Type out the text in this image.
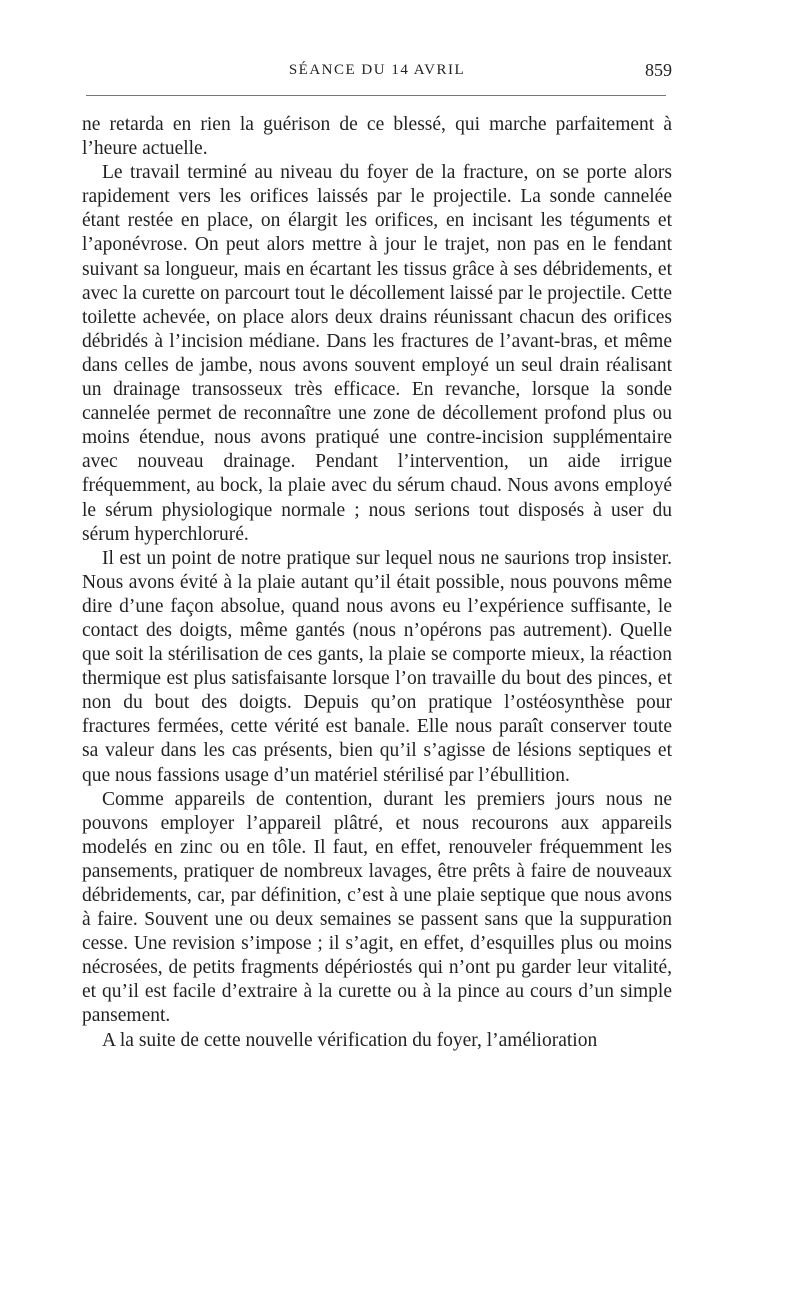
SÉANCE DU 14 AVRIL	859

ne retarda en rien la guérison de ce blessé, qui marche parfaitement à l’heure actuelle.

Le travail terminé au niveau du foyer de la fracture, on se porte alors rapidement vers les orifices laissés par le projectile. La sonde cannelée étant restée en place, on élargit les orifices, en incisant les téguments et l’aponévrose. On peut alors mettre à jour le trajet, non pas en le fendant suivant sa longueur, mais en écartant les tissus grâce à ses débridements, et avec la curette on parcourt tout le décollement laissé par le projectile. Cette toilette achevée, on place alors deux drains réunissant chacun des orifices débridés à l’incision médiane. Dans les fractures de l’avant-bras, et même dans celles de jambe, nous avons souvent employé un seul drain réalisant un drainage transosseux très efficace. En revanche, lorsque la sonde cannelée permet de reconnaître une zone de décollement profond plus ou moins étendue, nous avons pratiqué une contre-incision supplémentaire avec nouveau drainage. Pendant l’intervention, un aide irrigue fréquemment, au bock, la plaie avec du sérum chaud. Nous avons employé le sérum physiologique normale ; nous serions tout disposés à user du sérum hyperchloruré.

Il est un point de notre pratique sur lequel nous ne saurions trop insister. Nous avons évité à la plaie autant qu’il était possible, nous pouvons même dire d’une façon absolue, quand nous avons eu l’expérience suffisante, le contact des doigts, même gantés (nous n’opérons pas autrement). Quelle que soit la stérilisation de ces gants, la plaie se comporte mieux, la réaction thermique est plus satisfaisante lorsque l’on travaille du bout des pinces, et non du bout des doigts. Depuis qu’on pratique l’ostéosynthèse pour fractures fermées, cette vérité est banale. Elle nous paraît conserver toute sa valeur dans les cas présents, bien qu’il s’agisse de lésions septiques et que nous fassions usage d’un matériel stérilisé par l’ébullition.

Comme appareils de contention, durant les premiers jours nous ne pouvons employer l’appareil plâtré, et nous recourons aux appareils modelés en zinc ou en tôle. Il faut, en effet, renouveler fréquemment les pansements, pratiquer de nombreux lavages, être prêts à faire de nouveaux débridements, car, par définition, c’est à une plaie septique que nous avons à faire. Souvent une ou deux semaines se passent sans que la suppuration cesse. Une revision s’impose ; il s’agit, en effet, d’esquilles plus ou moins nécrosées, de petits fragments dépériostés qui n’ont pu garder leur vitalité, et qu’il est facile d’extraire à la curette ou à la pince au cours d’un simple pansement.

A la suite de cette nouvelle vérification du foyer, l’amélioration
